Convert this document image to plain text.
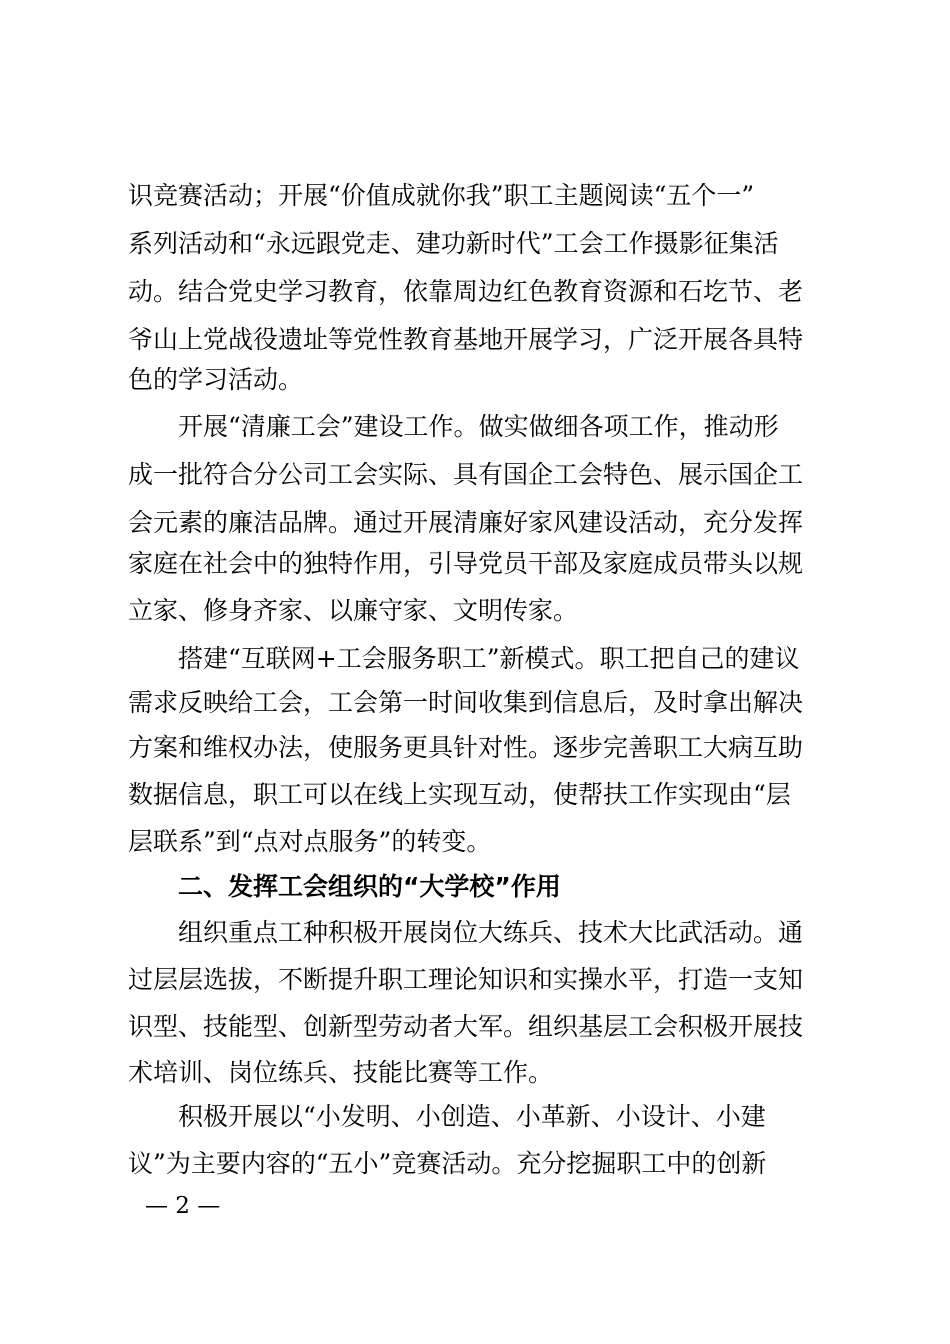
识竞赛活动；开展“价值成就你我”职工主题阅读“五个一”
系列活动和“永远跟党走、建功新时代”工会工作摄影征集活
动。结合党史学习教育，依靠周边红色教育资源和石圪节、老
爷山上党战役遗址等党性教育基地开展学习，广泛开展各具特
色的学习活动。
开展“清廉工会”建设工作。做实做细各项工作，推动形
成一批符合分公司工会实际、具有国企工会特色、展示国企工
会元素的廉洁品牌。通过开展清廉好家风建设活动，充分发挥
家庭在社会中的独特作用，引导党员干部及家庭成员带头以规
立家、修身齐家、以廉守家、文明传家。
搭建“互联网+工会服务职工”新模式。职工把自己的建议
需求反映给工会，工会第一时间收集到信息后，及时拿出解决
方案和维权办法，使服务更具针对性。逐步完善职工大病互助
数据信息，职工可以在线上实现互动，使帮扶工作实现由“层
层联系”到“点对点服务”的转变。
二、发挥工会组织的“大学校”作用
组织重点工种积极开展岗位大练兵、技术大比武活动。通
过层层选拔，不断提升职工理论知识和实操水平，打造一支知
识型、技能型、创新型劳动者大军。组织基层工会积极开展技
术培训、岗位练兵、技能比赛等工作。
积极开展以“小发明、小创造、小革新、小设计、小建
议”为主要内容的“五小”竞赛活动。充分挖掘职工中的创新
— 2 —
